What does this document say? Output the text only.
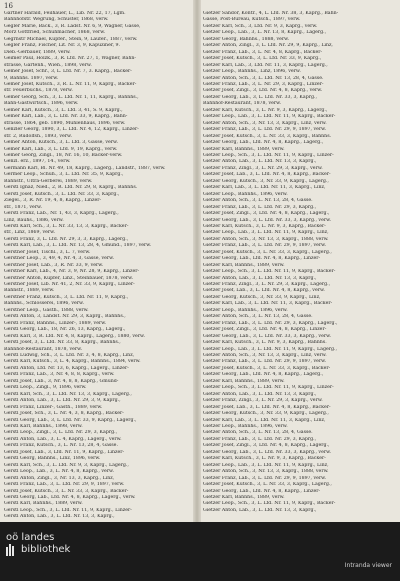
16
Gärtner Harald, Feilhauer, L., Lib. Nr. 22, 17, Lgm.
Bahnhofstr. Wegrung, Schuster, 1868, verw.
Gegler Marie, Bäck., 3, R. Ladst. Nr. 6, 9, Wagner, Gasse,
Mörz Gottfried, Schuhmacher, 1868, verw.
Gegrnstr Michael, Kupfer., Stein, 9, Laufer., 1887, verw.
Gegler Franz, Fischer, Lit. Nr. 3, 9, Kapuziner, 9.
Dieb.-Gerbauer, 1889, verw.
Geimer Paul, Holzk., 3, R. Lfd. Nr. 27, 1, Wagner, Bahn-
strasse, Gartenh., Wien., 1898, verw.
Gemer Josef, Schr., 3, L. Lfd. Nr. 7, 3. Kaprg., Bäcker-
9, Bahnhs. 1897, verw.
Gemer Josef, Kutsch., 3, R. L. Nr. 11, 9, Kaprg., Bäcker-
str. Feuerbuchs., 1878, verw.
Gemer Georg, Sch., 3, L. Lfd. Nr. 1, 11, Kaprg., Bahnhs.,
Bahn-Gastwirtsch., 1896, verw.
Gemer Karl, Kutsch., 3, L. Lfd. 3, 41, S. 9, Kaprg.,
Gemer Karl, Lab., 3, L. Lfd. Nr. 33, 9, Kaprg., Bahn-
strasse, 1864, geb. 1890, Mühlenhaus, 1896, verw.
Genzler Georg, 1890, 3, L. Lfd. Nr. 4, 12, Kaprg., Linzer-
str. 2, Rudolfsh., 1893, verw.
Gemer Anton, Kutsch., 3, L. Lfd. 3, Gasse, verw.
Gemer Karl, Lab., 3, L. Lfd. 9, 19, Kaprg., verw.
Gemer Georg, Zingl., 18, Nr. 16, 10, Bäcker-verw.
Genzl. erz., 1897, 14., verw.
Germann Karl, Bl. Nr. 49, 18, Kaprg., Lagerg., Landstr., 1887, verw.
Germer Leop., Schuh., 3, L. Lfd. Nr. 35, 9, Kaprg.,
Bahnstr., Ultra-Gerberei, 1889, verw.
Gerstl Ignaz, Nied., 2, R. Lfd. Nr. 29, 8, Kaprg., Bahnhs.
Gerstl Josef, Kutsch., 3, L. Lfd. Nr. 33, 3, Kaprg.,
Ziegel., 3, R. Nr. 19, 4, 8, Kaprg., Linzer-
str., 1871, verw.
Gerstl Franz, Lab., Nr. 1, 43, 3, Kaprg., Lagerg.,
Linz, Bauhs., 1886, verw.
Gerstl Karl, Sch., 3, L. Nr. 33, 13, 3, Kaprg., Bäcker-
str., Linz, 1869, verw.
Gerstl Franz, 3, L. Lfd. Nr. 29, 3, 3, Kaprg., Lagerg.,
Gerstl Karl, Lab., 3, L. Lfd. Nr. 13, 28, 4, Gmünd., 1897, verw.
Gerstner Josef, Tischl., 3, L. 7, verw.
Gerstner Leop., 3, 49, 4, Nr. 4, 3, Gasse, verw.
Gerstner Josef, Lab., 3, R. Nr. 33, 9, verw.
Gerstner Karl, Lab., 4, Nr. 3, 9, Nr. 28, 9, Kaprg., Linzer-
Gerstner Anton, Kupfer, Linz., Steinbauer, 1878, verw.
Gerstner Josef, Lib. Nr. 41, 2, Nr. 33, 9, Kaprg., Linzer-
Bahnstr., 1889, verw.
Gerstner Franz, Kutsch., 3, L. Lfd. Nr. 11, 9, Kaprg.,
Bahnhs., Schlosserei, 1896, verw.
Gerstner Leop., Gasth., 1888, verw.
Gerstl Anton, 3, Landst. Nr. 29, 3, Kaprg., Bahnhs.,
Gerstl Franz, Bahnhs., Linzer-, 1889, verw.
Gerstl Georg, Lab., 18, Nr. 26, 13, Kaprg., Lagerg.,
Gerstl Karl, 3, R. Lfd. Nr. 4, 8, Kaprg., Lagerg., 1880, verw.
Gerstl Josef, 3, L. Lfd. Nr. 33, 8, Kaprg., Bahnhs.,
Bahnhof-Restaurant, 1878, verw.
Gerstl Ludwig, Sch., 3, L. Lfd. Nr. 3, 4, 8, Kaprg., Linz,
Gerstl Karl, Kutsch., 3, L. 4, Kaprg., Bahnhs., 1884, verw.
Gerstl Anton, Lfd. Nr. 13, 6, Kaprg., Lagerg., Linzer-
Gerstl Franz, Lab., 3, Nr. 4, 8, 8, Kaprg., verw.
Gerstl Josef, Lab., 3, Nr. 4, 8, 8, Kaprg., Gmünd-
Gerstl Leop., Zingl., 9, 1896, verw.
Gerstl Karl, Sch., 3, L. Lfd. Nr. 13, 3, Kaprg., Lagerg.,
Gerstl Anton, Lab., 3, L. Lfd. Nr. 29, 3, 9, Kaprg.,
Gerstl Franz, Linzer-, Gasth., 1889, verw.
Gerstl Josef, Sch., 3, L. Nr. 4, 3, 8, Kaprg., Bäcker-
Gerstl Georg, Lab., 3, L. Lfd. Nr. 33, 9, Kaprg., Lagerg.,
Gerstl Karl, Bahnhs., 1898, verw.
Gerstl Leop., Zingl., 3, L. Lfd. Nr. 29, 3, Kaprg.,
Gerstl Anton, Lab., 3, L. 4, Kaprg., Lagerg., verw.
Gerstl Franz, Kutsch., 3, L. Nr. 13, 28, 4, Gasse.
Gerstl Josef, Lab., 3, Lfd. Nr. 11, 9, Kaprg., Linzer-
Gerstl Georg, Bahnhs., Linz, 1896, verw.
Gerstl Karl, Sch., 3, L. Lfd. Nr. 9, 3, Kaprg., Lagerg.,
Gerstl Leop., Lab., 3, L. Nr. 4, 8, Kaprg., verw.
Gerstl Anton, Zingl., 3, Nr. 13, 3, Kaprg., Linz,
Gerstl Franz, Lab., 3, L. Lfd. Nr. 29, 9, 1897, verw.
Gerstl Josef, Kutsch., 3, L. Nr. 33, 3, Kaprg., Bäcker-
Gerstl Georg, Lab., Lfd. Nr. 4, 8, Kaprg., Lagerg., verw.
Gerstl Karl, Bahnhs., 1889, verw.
Gerstl Leop., Sch., 3, L. Lfd. Nr. 11, 9, Kaprg., Linzer-
Gerstl Anton, Lab., 3, L. Lfd. Nr. 13, 3, Kaprg.,
Gietzer Sándor, Kontr., 4, L. Lfd. Nr. 38, 3, Kaprg., Bahn-
Gasse, Post-Bureau, Kutsch., 1897, verw.
Gietzer Karl, Sch., 3, Lfd. Nr. 9, 3, Kaprg., verw.
Gietzer Leop., Lab., 3, L. Nr. 13, 8, Kaprg., Lagerg.,
Gietzer Georg, Bahnhs., 1888, verw.
Gietzer Anton, Zingl., 3, L. Lfd. Nr. 29, 9, Kaprg., Linz,
Gietzer Franz, Lab., 3, L. Nr. 4, 8, Kaprg., Bäcker-
Gietzer Josef, Kutsch., 3, L. Lfd. Nr. 33, 9, Kaprg.,
Gietzer Karl, Lab., 3, Lfd. Nr. 11, 3, Kaprg., Lagerg.,
Gietzer Leop., Bahnhs., Linz, 1896, verw.
Gietzer Anton, Sch., 3, L. Lfd. Nr. 13, 28, 4, Gasse.
Gietzer Franz, Lab., 3, L. Nr. 29, 3, Kaprg., Linzer-
Gietzer Josef, Zingl., 3, Lfd. Nr. 4, 8, Kaprg., verw.
Gietzer Georg, Lab., 3, L. Lfd. Nr. 33, 3, Kaprg.,
Bahnhof-Restaurant, 1878, verw.
Gietzer Karl, Kutsch., 3, L. Nr. 9, 3, Kaprg., Lagerg.,
Gietzer Leop., Lab., 3, L. Lfd. Nr. 11, 9, Kaprg., Bäcker-
Gietzer Anton, Sch., 3, Nr. 13, 3, Kaprg., Linz, verw.
Gietzer Franz, Lab., 3, L. Lfd. Nr. 29, 9, 1897, verw.
Gietzer Josef, Kutsch., 3, L. Nr. 33, 3, Kaprg., Bahnhs.
Gietzer Georg, Lab., Lfd. Nr. 4, 8, Kaprg., Lagerg.,
Gietzer Karl, Bahnhs., 1889, verw.
Gietzer Leop., Sch., 3, L. Lfd. Nr. 11, 9, Kaprg., Linzer-
Gietzer Anton, Lab., 3, L. Lfd. Nr. 13, 3, Kaprg.,
Gietzer Franz, Zingl., 3, L. Nr. 29, 3, Kaprg., verw.
Gietzer Josef, Lab., 3, L. Lfd. Nr. 4, 8, Kaprg., Bäcker-
Gietzer Georg, Kutsch., 3, Nr. 33, 9, Kaprg., Lagerg.,
Gietzer Karl, Lab., 3, L. Lfd. Nr. 11, 3, Kaprg., Linz,
Gietzer Leop., Bahnhs., 1896, verw.
Gietzer Anton, Sch., 3, L. Nr. 13, 28, 4, Gasse.
Gietzer Franz, Lab., 3, L. Lfd. Nr. 29, 3, Kaprg.,
Gietzer Josef, Zingl., 3, Lfd. Nr. 4, 8, Kaprg., Lagerg.,
Gietzer Georg, Lab., 3, L. Lfd. Nr. 33, 3, Kaprg., verw.
Gietzer Karl, Kutsch., 3, L. Nr. 9, 3, Kaprg., Bäcker-
Gietzer Leop., Lab., 3, L. Lfd. Nr. 11, 9, Kaprg., Linz,
Gietzer Anton, Sch., 3, Nr. 13, 3, Kaprg., 1888, verw.
Gietzer Franz, Lab., 3, L. Lfd. Nr. 29, 9, 1897, verw.
Gietzer Josef, Kutsch., 3, L. Nr. 33, 3, Kaprg., Lagerg.,
Gietzer Georg, Lab., Lfd. Nr. 4, 8, Kaprg., Linzer-
Gietzer Karl, Bahnhs., 1889, verw.
Gietzer Leop., Sch., 3, L. Lfd. Nr. 11, 9, Kaprg., Bäcker-
Gietzer Anton, Lab., 3, L. Lfd. Nr. 13, 3, Kaprg.,
Gietzer Franz, Zingl., 3, L. Nr. 29, 3, Kaprg., Lagerg.,
Gietzer Josef, Lab., 3, L. Lfd. Nr. 4, 8, Kaprg., verw.
Gietzer Georg, Kutsch., 3, Nr. 33, 9, Kaprg., Linz,
Gietzer Karl, Lab., 3, L. Lfd. Nr. 11, 3, Kaprg., Bäcker-
Gietzer Leop., Bahnhs., 1896, verw.
Gietzer Anton, Sch., 3, L. Nr. 13, 28, 4, Gasse.
Gietzer Franz, Lab., 3, L. Lfd. Nr. 29, 3, Kaprg., Lagerg.,
Gietzer Josef, Zingl., 3, Lfd. Nr. 4, 8, Kaprg., Linzer-
Gietzer Georg, Lab., 3, L. Lfd. Nr. 33, 3, Kaprg., verw.
Gietzer Karl, Kutsch., 3, L. Nr. 9, 3, Kaprg., Bahnhs.
Gietzer Leop., Lab., 3, L. Lfd. Nr. 11, 9, Kaprg., Lagerg.,
Gietzer Anton, Sch., 3, Nr. 13, 3, Kaprg., Linz, verw.
Gietzer Franz, Lab., 3, L. Lfd. Nr. 29, 9, 1897, verw.
Gietzer Josef, Kutsch., 3, L. Nr. 33, 3, Kaprg., Bäcker-
Gietzer Georg, Lab., Lfd. Nr. 4, 8, Kaprg., Lagerg.,
Gietzer Karl, Bahnhs., 1889, verw.
Gietzer Leop., Sch., 3, L. Lfd. Nr. 11, 9, Kaprg., Linzer-
Gietzer Anton, Lab., 3, L. Lfd. Nr. 13, 3, Kaprg.,
Gietzer Franz, Zingl., 3, L. Nr. 29, 3, Kaprg., verw.
Gietzer Josef, Lab., 3, L. Lfd. Nr. 4, 8, Kaprg., Bäcker-
Gietzer Georg, Kutsch., 3, Nr. 33, 9, Kaprg., Lagerg.,
Gietzer Karl, Lab., 3, L. Lfd. Nr. 11, 3, Kaprg., Linz,
Gietzer Leop., Bahnhs., 1896, verw.
Gietzer Anton, Sch., 3, L. Nr. 13, 28, 4, Gasse.
Gietzer Franz, Lab., 3, L. Lfd. Nr. 29, 3, Kaprg.,
Gietzer Josef, Zingl., 3, Lfd. Nr. 4, 8, Kaprg., Lagerg.,
Gietzer Georg, Lab., 3, L. Lfd. Nr. 33, 3, Kaprg., verw.
Gietzer Karl, Kutsch., 3, L. Nr. 9, 3, Kaprg., Bäcker-
Gietzer Leop., Lab., 3, L. Lfd. Nr. 11, 9, Kaprg., Linz,
Gietzer Anton, Sch., 3, Nr. 13, 3, Kaprg., 1888, verw.
Gietzer Franz, Lab., 3, L. Lfd. Nr. 29, 9, 1897, verw.
Gietzer Josef, Kutsch., 3, L. Nr. 33, 3, Kaprg., Lagerg.,
Gietzer Georg, Lab., Lfd. Nr. 4, 8, Kaprg., Linzer-
Gietzer Karl, Bahnhs., 1889, verw.
Gietzer Leop., Sch., 3, L. Lfd. Nr. 11, 9, Kaprg., Bäcker-
Gietzer Anton, Lab., 3, L. Lfd. Nr. 13, 3, Kaprg.,
oö landes
bibliothek
Intranda viewer
